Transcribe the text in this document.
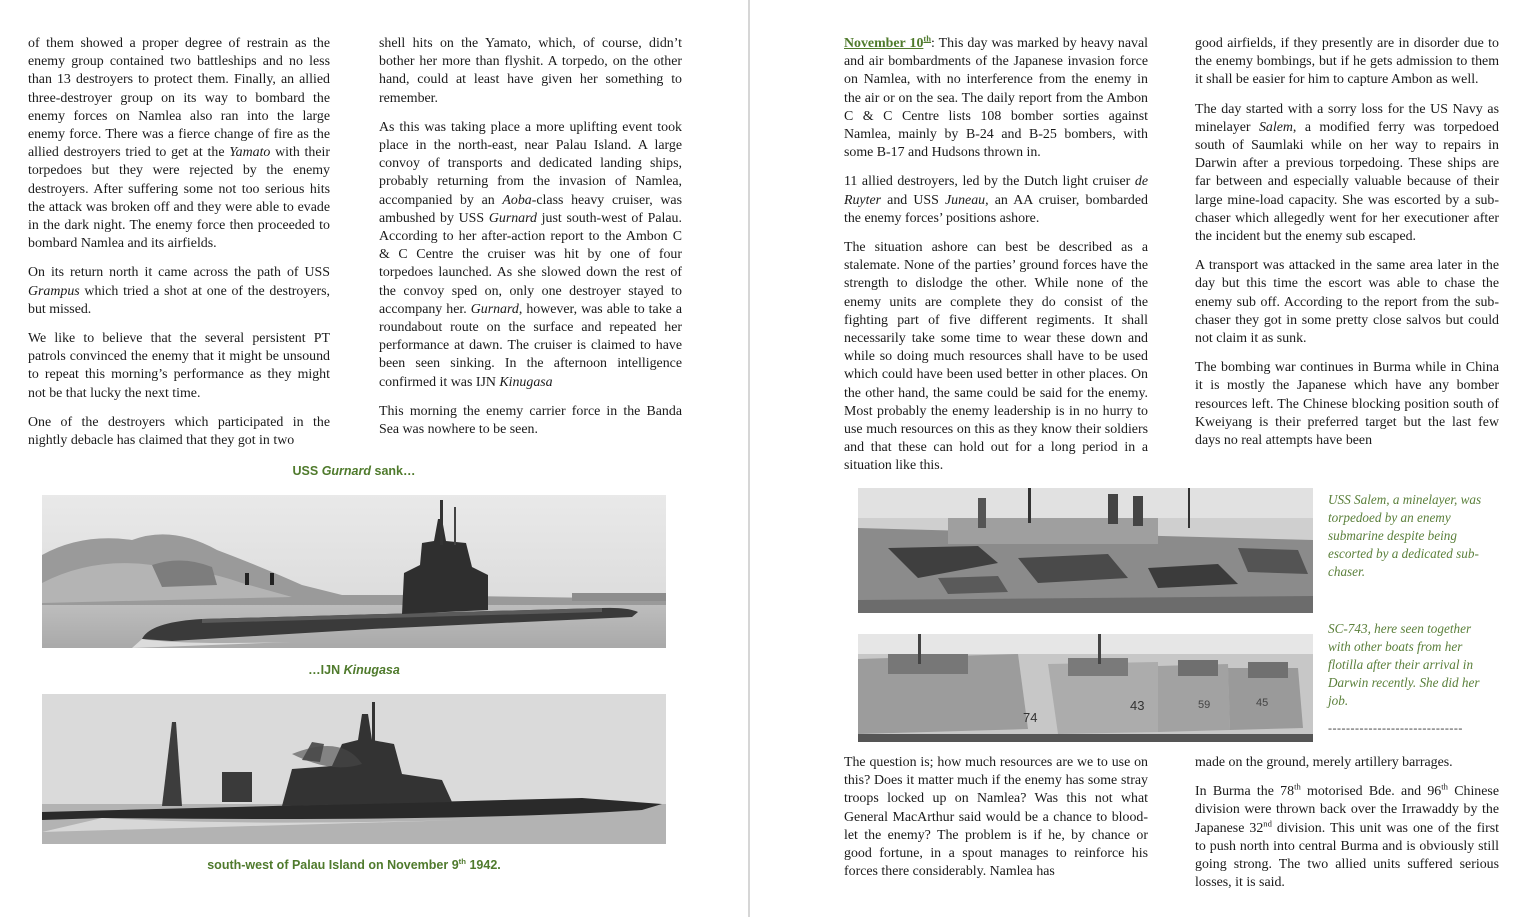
of them showed a proper degree of restrain as the enemy group contained two battleships and no less than 13 destroyers to protect them. Finally, an allied three-destroyer group on its way to bombard the enemy forces on Namlea also ran into the large enemy force. There was a fierce change of fire as the allied destroyers tried to get at the Yamato with their torpedoes but they were rejected by the enemy destroyers. After suffering some not too serious hits the attack was broken off and they were able to evade in the dark night. The enemy force then proceeded to bombard Namlea and its airfields.

On its return north it came across the path of USS Grampus which tried a shot at one of the destroyers, but missed.

We like to believe that the several persistent PT patrols convinced the enemy that it might be unsound to repeat this morning’s performance as they might not be that lucky the next time.

One of the destroyers which participated in the nightly debacle has claimed that they got in two

shell hits on the Yamato, which, of course, didn’t bother her more than flyshit. A torpedo, on the other hand, could at least have given her something to remember.

As this was taking place a more uplifting event took place in the north-east, near Palau Island. A large convoy of transports and dedicated landing ships, probably returning from the invasion of Namlea, accompanied by an Aoba-class heavy cruiser, was ambushed by USS Gurnard just south-west of Palau. According to her after-action report to the Ambon C & C Centre the cruiser was hit by one of four torpedoes launched. As she slowed down the rest of the convoy sped on, only one destroyer stayed to accompany her. Gurnard, however, was able to take a roundabout route on the surface and repeated her performance at dawn. The cruiser is claimed to have been seen sinking. In the afternoon intelligence confirmed it was IJN Kinugasa

This morning the enemy carrier force in the Banda Sea was nowhere to be seen.

USS Gurnard sank…
…IJN Kinugasa
south-west of Palau Island on November 9th 1942.

November 10th: This day was marked by heavy naval and air bombardments of the Japanese invasion force on Namlea, with no interference from the enemy in the air or on the sea. The daily report from the Ambon C & C Centre lists 108 bomber sorties against Namlea, mainly by B-24 and B-25 bombers, with some B-17 and Hudsons thrown in.

11 allied destroyers, led by the Dutch light cruiser de Ruyter and USS Juneau, an AA cruiser, bombarded the enemy forces’ positions ashore.

The situation ashore can best be described as a stalemate. None of the parties’ ground forces have the strength to dislodge the other. While none of the enemy units are complete they do consist of the fighting part of five different regiments. It shall necessarily take some time to wear these down and while so doing much resources shall have to be used which could have been used better in other places. On the other hand, the same could be said for the enemy. Most probably the enemy leadership is in no hurry to use much resources on this as they know their soldiers and that these can hold out for a long period in a situation like this.

good airfields, if they presently are in disorder due to the enemy bombings, but if he gets admission to them it shall be easier for him to capture Ambon as well.

The day started with a sorry loss for the US Navy as minelayer Salem, a modified ferry was torpedoed south of Saumlaki while on her way to repairs in Darwin after a previous torpedoing. These ships are far between and especially valuable because of their large mine-load capacity. She was escorted by a sub-chaser which allegedly went for her executioner after the incident but the enemy sub escaped.

A transport was attacked in the same area later in the day but this time the escort was able to chase the enemy sub off. According to the report from the sub-chaser they got in some pretty close salvos but could not claim it as sunk.

The bombing war continues in Burma while in China it is mostly the Japanese which have any bomber resources left. The Chinese blocking position south of Kweiyang is their preferred target but the last few days no real attempts have been

USS Salem, a minelayer, was torpedoed by an enemy submarine despite being escorted by a dedicated sub-chaser.
74
43	59	45
SC-743, here seen together with other boats from her flotilla after their arrival in Darwin recently. She did her job.
------------------------------

The question is; how much resources are we to use on this? Does it matter much if the enemy has some stray troops locked up on Namlea? Was this not what General MacArthur said would be a chance to blood-let the enemy? The problem is if he, by chance or good fortune, in a spout manages to reinforce his forces there considerably. Namlea has

made on the ground, merely artillery barrages.

In Burma the 78th motorised Bde. and 96th Chinese division were thrown back over the Irrawaddy by the Japanese 32nd division. This unit was one of the first to push north into central Burma and is obviously still going strong. The two allied units suffered serious losses, it is said.
